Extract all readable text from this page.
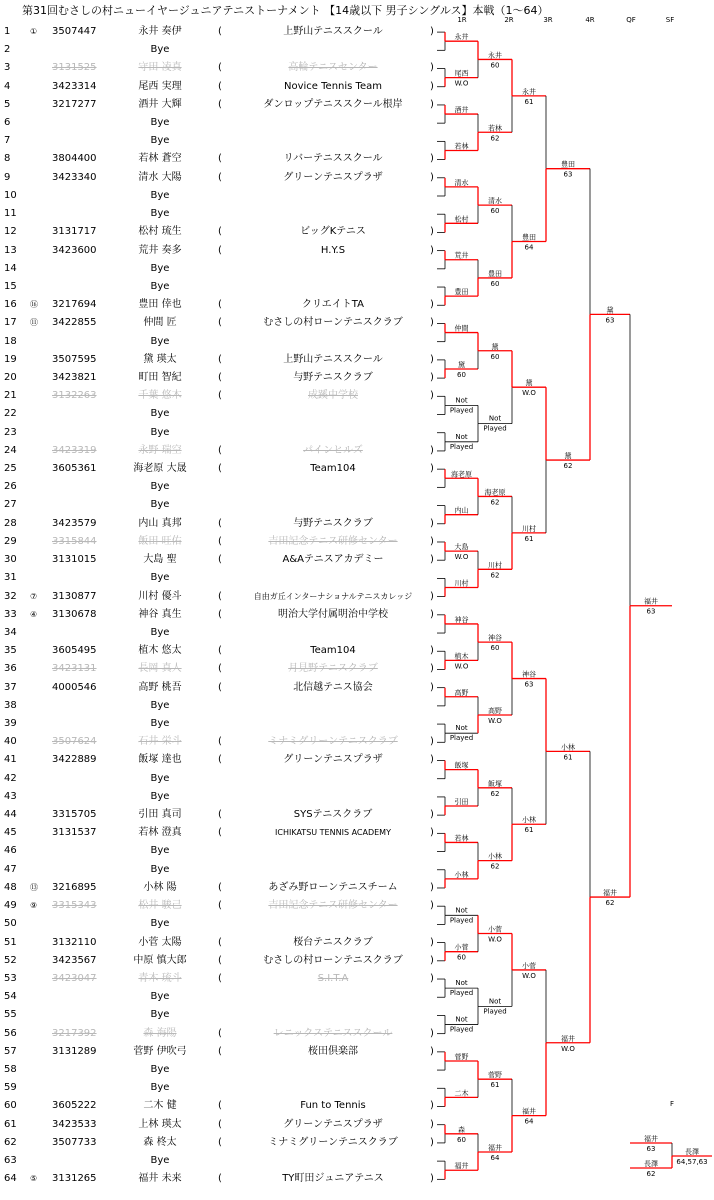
第31回むさしの村ニューイヤージュニアテニストーナメント 【14歳以下 男子シングルス】本戦（1～64）
1R	2R	3R	4R	QF	SF
F
1	① 3507447	永井 奏伊	(	上野山テニススクール	)
2	Bye
3	3131525	守田 凌真	(	高輪テニスセンター	)
4	3423314	尾西 実理	(	Novice Tennis Team	)
5	3217277	酒井 大輝	(	ダンロップテニススクール根岸	)
6	Bye
7	Bye
8	3804400	若林 蒼空	(	リバーテニススクール	)
9	3423340	清水 大陽	(	グリーンテニスプラザ	)
10	Bye
11	Bye
12	3131717	松村 琉生	(	ビッグKテニス	)
13	3423600	荒井 奏多	(	H.Y.S	)
14	Bye
15	Bye
16 ⑯ 3217694	豊田 倖也	(	クリエイトTA	)
17 ⑪ 3422855	仲間 匠	(	むさしの村ローンテニスクラブ	)
18	Bye
19	3507595	黛 瑛太	(	上野山テニススクール	)
20	3423821	町田 智紀	(	与野テニスクラブ	)
21	3132263	千葉 悠木	(	成蹊中学校	)
22	Bye
23	Bye
24	3423319	永野 瑞空	(	パインヒルズ	)
25	3605361	海老原 大晟	(	Team104	)
26	Bye
27	Bye
28	3423579	内山 真邦	(	与野テニスクラブ	)
29	3315844	飯田 旺佑	(	吉田記念テニス研修センター	)
30	3131015	大島 聖	(	A&Aテニスアカデミー	)
31	Bye
32 ⑦ 3130877	川村 優斗	(	自由ガ丘インターナショナルテニスカレッジ	)
33 ④ 3130678	神谷 真生	(	明治大学付属明治中学校	)
34	Bye
35	3605495	植木 悠太	(	Team104	)
36	3423131	長岡 真人	(	月見野テニスクラブ	)
37	4000546	高野 桃吾	(	北信越テニス協会	)
38	Bye
39	Bye
40	3507624	石井 栄斗	(	ミナミグリーンテニスクラブ	)
41	3422889	飯塚 達也	(	グリーンテニスプラザ	)
42	Bye
43	Bye
44	3315705	引田 真司	(	SYSテニスクラブ	)
45	3131537	若林 澄真	(	ICHIKATSU TENNIS ACADEMY	)
46	Bye
47	Bye
48 ⑬ 3216895	小林 陽	(	あざみ野ローンテニスチーム	)
49 ⑨ 3315343	松井 駿己	(	吉田記念テニス研修センター	)
50	Bye
51	3132110	小菅 太陽	(	桜台テニスクラブ	)
52	3423567	中原 慎大郎	(	むさしの村ローンテニスクラブ	)
53	3423047	青木 琉斗	(	S.I.T.A	)
54	Bye
55	Bye
56	3217392	森 海陽	(	レニックステニススクール	)
57	3131289	菅野 伊吹弓	(	桜田倶楽部	)
58	Bye
59	Bye
60	3605222	二木 健	(	Fun to Tennis	)
61	3423533	上林 瑛太	(	グリーンテニスプラザ	)
62	3507733	森 柊太	(	ミナミグリーンテニスクラブ	)
63	Bye
64 ⑤ 3131265	福井 未来	(	TY町田ジュニアテニス	)
永井
尾西
W.O
酒井
若林
清水
松村
荒井
豊田
仲間
黛
60
Not
Played
Not
Played
海老原
内山
大島
W.O
川村
神谷
植木
W.O
高野
Not
Played
飯塚
引田
若林
小林
Not
Played
小菅
60
Not
Played
Not
Played
菅野
二木
森
60
福井
永井
60
若林
62
清水
60
豊田
60
黛
60
Not
Played
海老原
62
川村
62
神谷
60
高野
W.O
飯塚
62
小林
62
小菅
W.O
Not
Played
菅野
61
福井
64
永井
61
豊田
64
黛
W.O
川村
61
神谷
63
小林
61
小菅
W.O
福井
64
豊田
63
黛
62
小林
61
福井
W.O
黛
63
福井
62
福井
63
福井
63
長澤
62
長澤
64,57,63
